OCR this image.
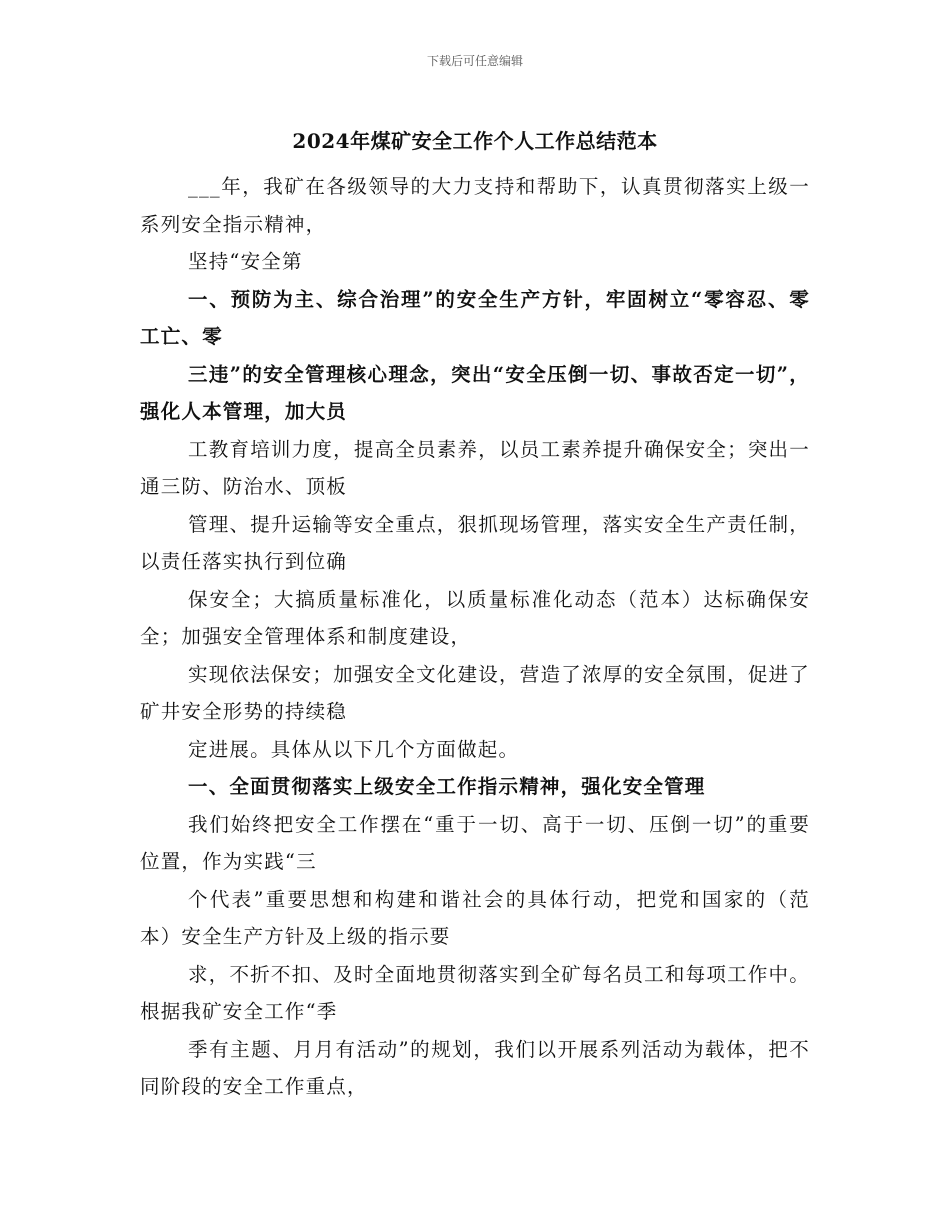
下载后可任意编辑
2024年煤矿安全工作个人工作总结范本

___年，我矿在各级领导的大力支持和帮助下，认真贯彻落实上级一系列安全指示精神，

坚持“安全第

一、预防为主、综合治理”的安全生产方针，牢固树立“零容忍、零工亡、零

三违”的安全管理核心理念，突出“安全压倒一切、事故否定一切”，强化人本管理，加大员

工教育培训力度，提高全员素养，以员工素养提升确保安全；突出一通三防、防治水、顶板

管理、提升运输等安全重点，狠抓现场管理，落实安全生产责任制，以责任落实执行到位确

保安全；大搞质量标准化，以质量标准化动态（范本）达标确保安全；加强安全管理体系和制度建设，

实现依法保安；加强安全文化建设，营造了浓厚的安全氛围，促进了矿井安全形势的持续稳

定进展。具体从以下几个方面做起。

一、全面贯彻落实上级安全工作指示精神，强化安全管理

我们始终把安全工作摆在“重于一切、高于一切、压倒一切”的重要位置，作为实践“三

个代表”重要思想和构建和谐社会的具体行动，把党和国家的（范本）安全生产方针及上级的指示要

求，不折不扣、及时全面地贯彻落实到全矿每名员工和每项工作中。根据我矿安全工作“季

季有主题、月月有活动”的规划，我们以开展系列活动为载体，把不同阶段的安全工作重点，
